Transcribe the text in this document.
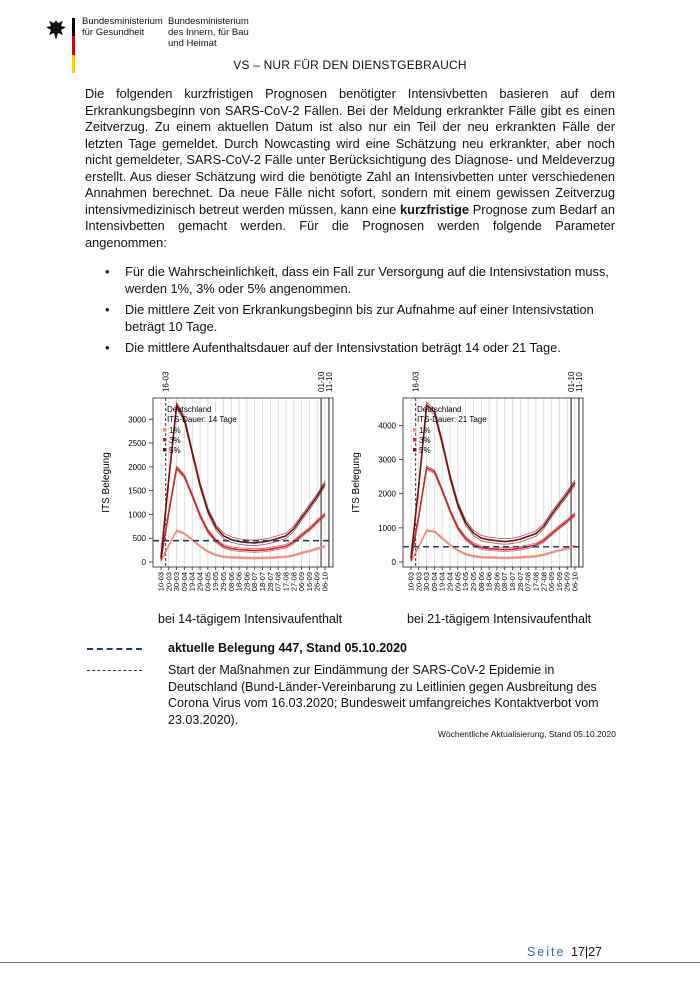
Bundesministerium
für Gesundheit
Bundesministerium
des Innern, für Bau
und Heimat
VS – NUR FÜR DEN DIENSTGEBRAUCH

Die folgenden kurzfristigen Prognosen benötigter Intensivbetten basieren auf dem Erkrankungsbeginn von SARS-CoV-2 Fällen. Bei der Meldung erkrankter Fälle gibt es einen Zeitverzug. Zu einem aktuellen Datum ist also nur ein Teil der neu erkrankten Fälle der letzten Tage gemeldet. Durch Nowcasting wird eine Schätzung neu erkrankter, aber noch nicht gemeldeter, SARS-CoV-2 Fälle unter Berücksichtigung des Diagnose- und Meldeverzug erstellt. Aus dieser Schätzung wird die benötigte Zahl an Intensivbetten unter verschiedenen Annahmen berechnet. Da neue Fälle nicht sofort, sondern mit einem gewissen Zeitverzug intensivmedizinisch betreut werden müssen, kann eine kurzfristige Prognose zum Bedarf an Intensivbetten gemacht werden. Für die Prognosen werden folgende Parameter angenommen:

• Für die Wahrscheinlichkeit, dass ein Fall zur Versorgung auf die Intensivstation muss, werden 1%, 3% oder 5% angenommen.
• Die mittlere Zeit von Erkrankungsbeginn bis zur Aufnahme auf einer Intensivstation beträgt 10 Tage.
• Die mittlere Aufenthaltsdauer auf der Intensivstation beträgt 14 oder 21 Tage.
0
500
1000
1500
2000
2500
3000
ITS Belegung
10-03
20-03
30-03
09-04
19-04
29-04
09-05
19-05
29-05
08-06
18-06
28-06
08-07
18-07
28-07
07-08
17-08
27-08
06-09
16-09
26-09
06-10
16-03	01-10
11-10
Deutschland
ITS-Dauer: 14 Tage
1%
3%
5%
0
1000
2000
3000
4000
ITS Belegung
10-03
20-03
30-03
09-04
19-04
29-04
09-05
19-05
29-05
08-06
18-06
28-06
08-07
18-07
28-07
07-08
17-08
27-08
06-09
16-09
26-09
06-10
16-03	01-10
11-10
Deutschland
ITS-Dauer: 21 Tage
1%
3%
5%
bei 14-tägigem Intensivaufenthalt	bei 21-tägigem Intensivaufenthalt
aktuelle Belegung 447, Stand 05.10.2020
Start der Maßnahmen zur Eindämmung der SARS-CoV-2 Epidemie in Deutschland (Bund-Länder-Vereinbarung zu Leitlinien gegen Ausbreitung des Corona Virus vom 16.03.2020; Bundesweit umfangreiches Kontaktverbot vom 23.03.2020).
Wöchentliche Aktualisierung, Stand 05.10.2020
Seite 17|27
